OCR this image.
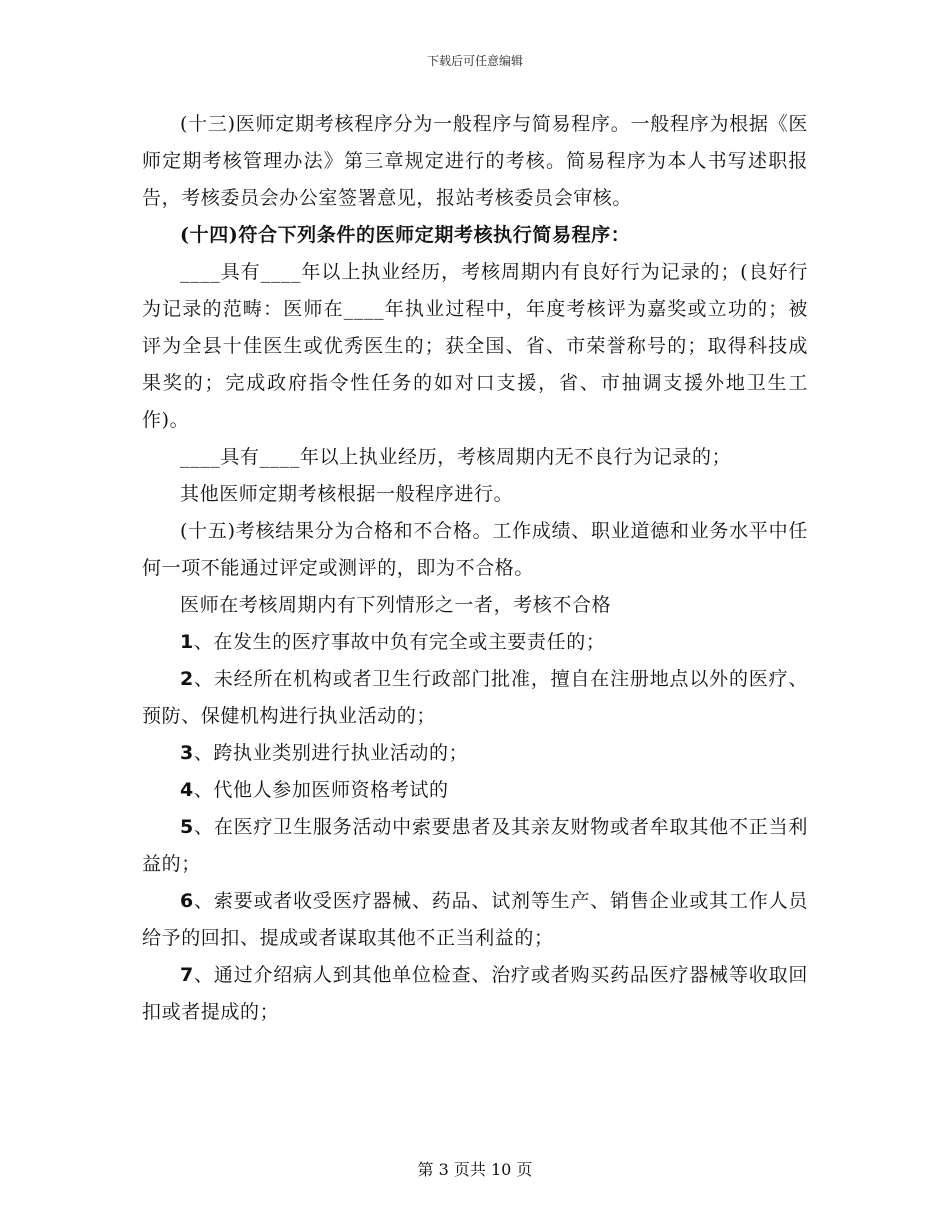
下载后可任意编辑

(十三)医师定期考核程序分为一般程序与简易程序。一般程序为根据《医师定期考核管理办法》第三章规定进行的考核。简易程序为本人书写述职报告，考核委员会办公室签署意见，报站考核委员会审核。

(十四)符合下列条件的医师定期考核执行简易程序：

____具有____年以上执业经历，考核周期内有良好行为记录的；(良好行为记录的范畴：医师在____年执业过程中，年度考核评为嘉奖或立功的；被评为全县十佳医生或优秀医生的；获全国、省、市荣誉称号的；取得科技成果奖的；完成政府指令性任务的如对口支援，省、市抽调支援外地卫生工作)。

____具有____年以上执业经历，考核周期内无不良行为记录的；

其他医师定期考核根据一般程序进行。

(十五)考核结果分为合格和不合格。工作成绩、职业道德和业务水平中任何一项不能通过评定或测评的，即为不合格。

医师在考核周期内有下列情形之一者，考核不合格

1、在发生的医疗事故中负有完全或主要责任的；

2、未经所在机构或者卫生行政部门批准，擅自在注册地点以外的医疗、预防、保健机构进行执业活动的；

3、跨执业类别进行执业活动的；

4、代他人参加医师资格考试的

5、在医疗卫生服务活动中索要患者及其亲友财物或者牟取其他不正当利益的；

6、索要或者收受医疗器械、药品、试剂等生产、销售企业或其工作人员给予的回扣、提成或者谋取其他不正当利益的；

7、通过介绍病人到其他单位检查、治疗或者购买药品医疗器械等收取回扣或者提成的；

第 3 页共 10 页
